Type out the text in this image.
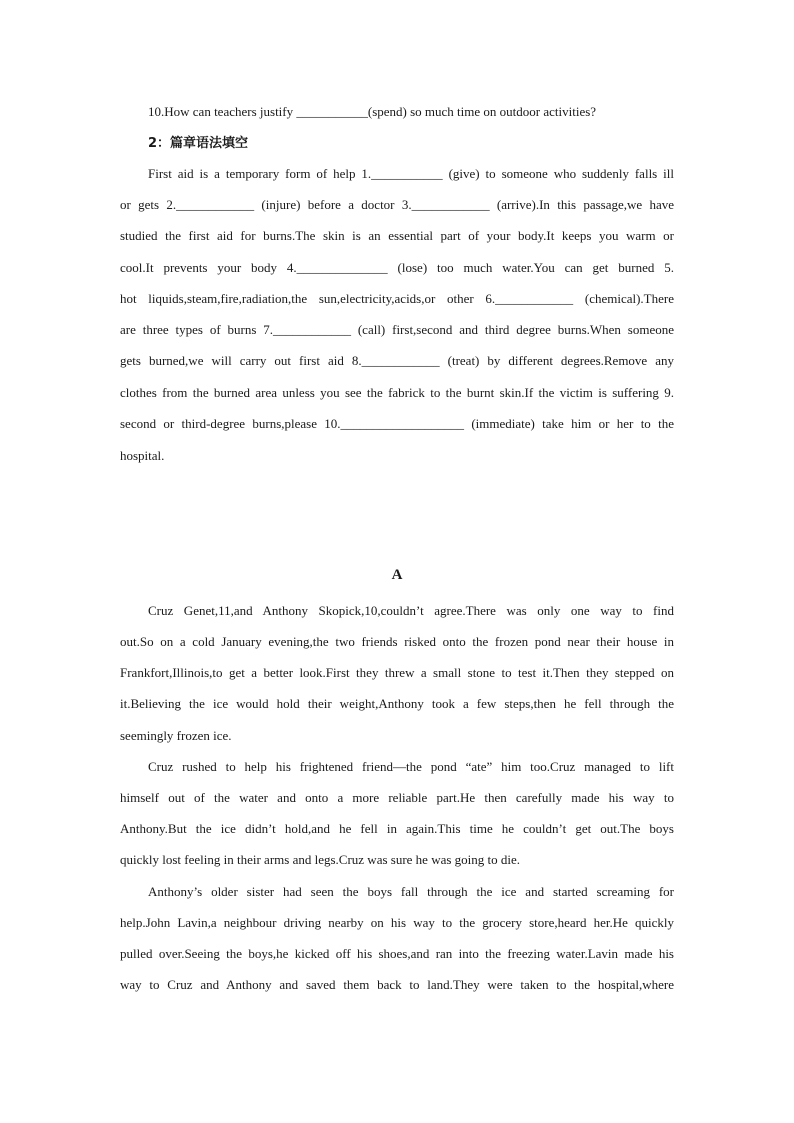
10.How can teachers justify ___________(spend) so much time on outdoor activities?
2：篇章语法填空
First aid is a temporary form of help 1.___________ (give) to someone who suddenly falls ill
or gets 2.____________ (injure) before a doctor 3.____________ (arrive).In this passage,we have
studied the first aid for burns.The skin is an essential part of your body.It keeps you warm or
cool.It prevents your body 4.______________ (lose) too much water.You can get burned 5.
hot liquids,steam,fire,radiation,the sun,electricity,acids,or other 6.____________ (chemical).There
are three types of burns 7.____________ (call) first,second and third degree burns.When someone
gets burned,we will carry out first aid 8.____________ (treat) by different degrees.Remove any
clothes from the burned area unless you see the fabrick to the burnt skin.If the victim is suffering 9.
second or third-degree burns,please 10.___________________ (immediate) take him or her to the
hospital.
A
Cruz Genet,11,and Anthony Skopick,10,couldn’t agree.There was only one way to find
out.So on a cold January evening,the two friends risked onto the frozen pond near their house in
Frankfort,Illinois,to get a better look.First they threw a small stone to test it.Then they stepped on
it.Believing the ice would hold their weight,Anthony took a few steps,then he fell through the
seemingly frozen ice.
Cruz rushed to help his frightened friend—the pond “ate” him too.Cruz managed to lift
himself out of the water and onto a more reliable part.He then carefully made his way to
Anthony.But the ice didn’t hold,and he fell in again.This time he couldn’t get out.The boys
quickly lost feeling in their arms and legs.Cruz was sure he was going to die.
Anthony’s older sister had seen the boys fall through the ice and started screaming for
help.John Lavin,a neighbour driving nearby on his way to the grocery store,heard her.He quickly
pulled over.Seeing the boys,he kicked off his shoes,and ran into the freezing water.Lavin made his
way to Cruz and Anthony and saved them back to land.They were taken to the hospital,where
